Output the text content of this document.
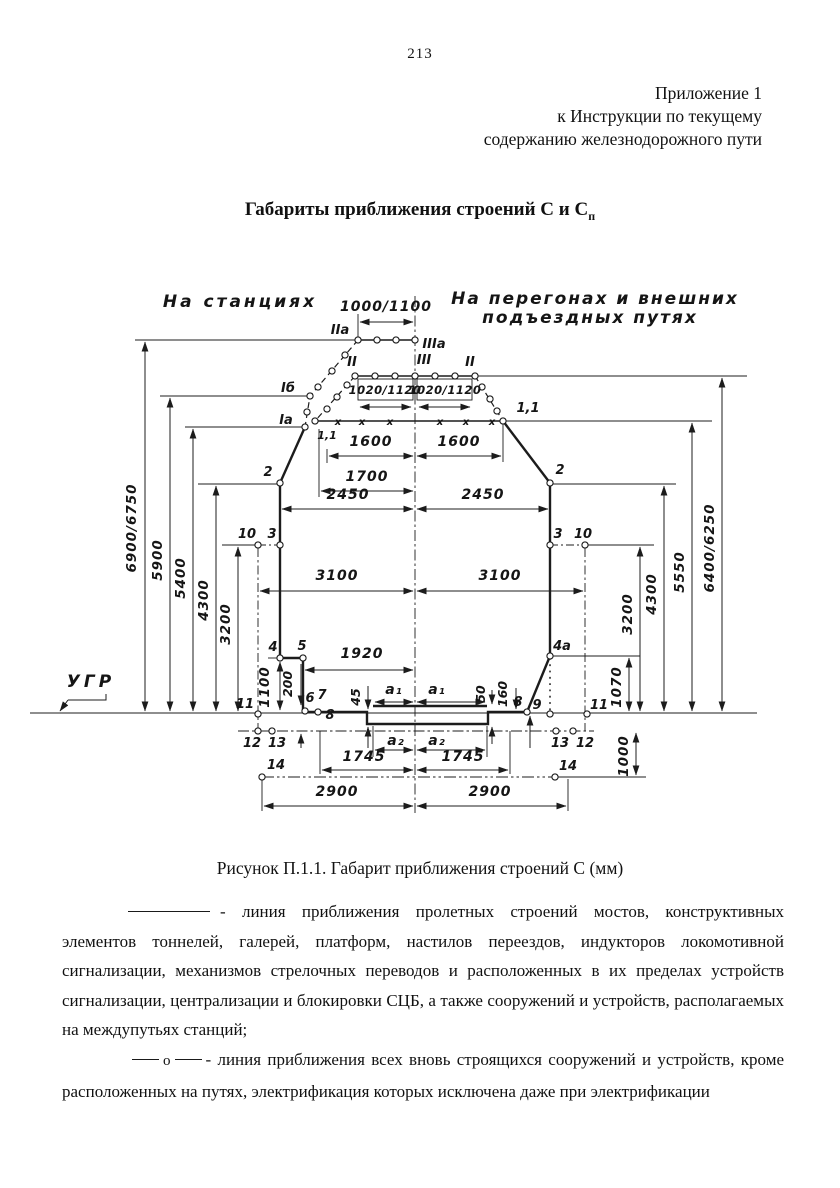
213
Приложение 1
к Инструкции по текущему
содержанию железнодорожного пути
Габариты приближения строений С и $С_п$
На станциях	На перегонах и внешних
подъездных путях
1000/1100
IIа
IIIа
II	III	II
1020/1120
1020/1120
Iб
Iа
1,1
1,1
х х х	х х х
1600	1600
1700
2	2
2450	2450
10 3	3 10
3100	3100
4 5 1920
6 7
8
a₁ a₁
8 9
4а
11	11
12 13	13 12
14	14
a₂ a₂
1745	1745
2900	2900
6900/6750 5900 5400
4300
3200	3200 4300
5550 6400/6250
1070
1000
1100 200	45	50 160
УГР
Рисунок П.1.1. Габарит приближения строений С (мм)

- линия приближения пролетных строений мостов, конструктивных элементов тоннелей, галерей, платформ, настилов переездов, индукторов локомотивной сигнализации, механизмов стрелочных переводов и расположенных в их пределах устройств сигнализации, централизации и блокировки СЦБ, а также сооружений и устройств, располагаемых на междупутьях станций;

о - линия приближения всех вновь строящихся сооружений и устройств, кроме расположенных на путях, электрификация которых исключена даже при электрификации
